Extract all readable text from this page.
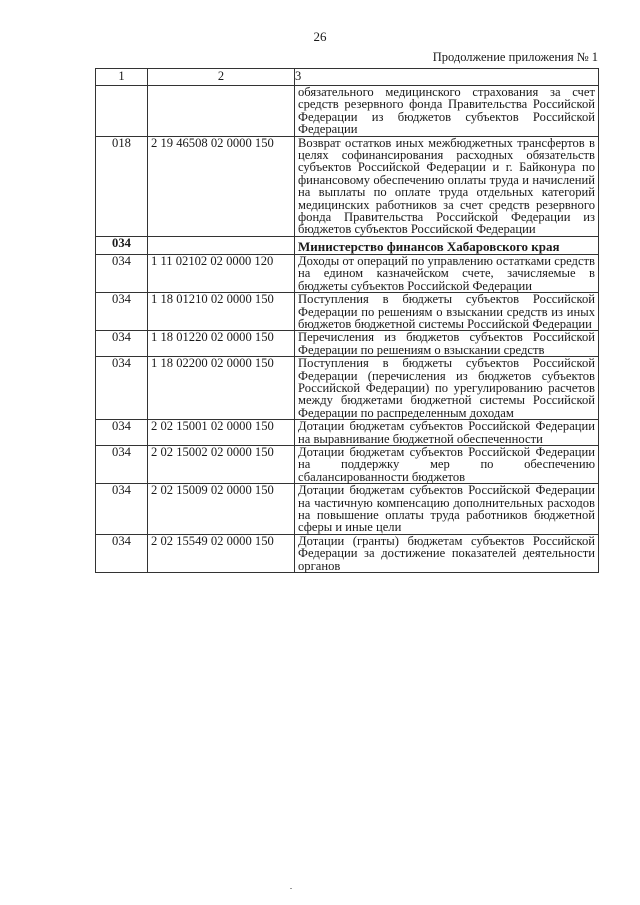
26
Продолжение приложения № 1
1	2	3
		обязательного медицинского страхования за счет средств резервного фонда Правительства Российской Федерации из бюджетов субъектов Российской Федерации
018	2 19 46508 02 0000 150	Возврат остатков иных межбюджетных трансфертов в целях софинансирования расходных обязательств субъектов Российской Федерации и г. Байконура по финансовому обеспечению оплаты труда и начислений на выплаты по оплате труда отдельных категорий медицинских работников за счет средств резервного фонда Правительства Российской Федерации из бюджетов субъектов Российской Федерации
034		Министерство финансов Хабаровского края
034	1 11 02102 02 0000 120	Доходы от операций по управлению остатками средств на едином казначейском счете, зачисляемые в бюджеты субъектов Российской Федерации
034	1 18 01210 02 0000 150	Поступления в бюджеты субъектов Российской Федерации по решениям о взыскании средств из иных бюджетов бюджетной системы Российской Федерации
034	1 18 01220 02 0000 150	Перечисления из бюджетов субъектов Российской Федерации по решениям о взыскании средств
034	1 18 02200 02 0000 150	Поступления в бюджеты субъектов Российской Федерации (перечисления из бюджетов субъектов Российской Федерации) по урегулированию расчетов между бюджетами бюджетной системы Российской Федерации по распределенным доходам
034	2 02 15001 02 0000 150	Дотации бюджетам субъектов Российской Федерации на выравнивание бюджетной обеспеченности
034	2 02 15002 02 0000 150	Дотации бюджетам субъектов Российской Федерации на поддержку мер по обеспечению сбалансированности бюджетов
034	2 02 15009 02 0000 150	Дотации бюджетам субъектов Российской Федерации на частичную компенсацию дополнительных расходов на повышение оплаты труда работников бюджетной сферы и иные цели
034	2 02 15549 02 0000 150	Дотации (гранты) бюджетам субъектов Российской Федерации за достижение показателей деятельности органов
